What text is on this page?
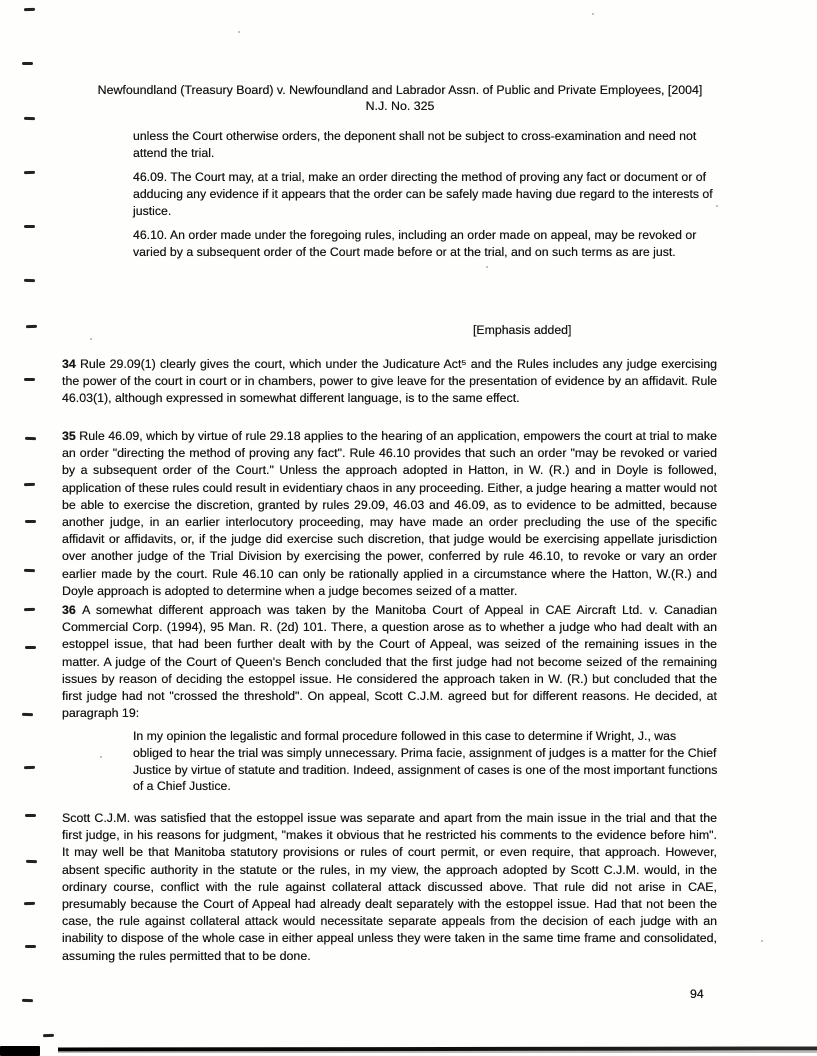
Newfoundland (Treasury Board) v. Newfoundland and Labrador Assn. of Public and Private Employees, [2004]
N.J. No. 325
unless the Court otherwise orders, the deponent shall not be subject to cross-examination and need not attend the trial.
46.09. The Court may, at a trial, make an order directing the method of proving any fact or document or of adducing any evidence if it appears that the order can be safely made having due regard to the interests of justice.
46.10. An order made under the foregoing rules, including an order made on appeal, may be revoked or varied by a subsequent order of the Court made before or at the trial, and on such terms as are just.
[Emphasis added]
34 Rule 29.09(1) clearly gives the court, which under the Judicature Act⁵ and the Rules includes any judge exercising the power of the court in court or in chambers, power to give leave for the presentation of evidence by an affidavit. Rule 46.03(1), although expressed in somewhat different language, is to the same effect.
35 Rule 46.09, which by virtue of rule 29.18 applies to the hearing of an application, empowers the court at trial to make an order "directing the method of proving any fact". Rule 46.10 provides that such an order "may be revoked or varied by a subsequent order of the Court." Unless the approach adopted in Hatton, in W. (R.) and in Doyle is followed, application of these rules could result in evidentiary chaos in any proceeding. Either, a judge hearing a matter would not be able to exercise the discretion, granted by rules 29.09, 46.03 and 46.09, as to evidence to be admitted, because another judge, in an earlier interlocutory proceeding, may have made an order precluding the use of the specific affidavit or affidavits, or, if the judge did exercise such discretion, that judge would be exercising appellate jurisdiction over another judge of the Trial Division by exercising the power, conferred by rule 46.10, to revoke or vary an order earlier made by the court. Rule 46.10 can only be rationally applied in a circumstance where the Hatton, W.(R.) and Doyle approach is adopted to determine when a judge becomes seized of a matter.
36 A somewhat different approach was taken by the Manitoba Court of Appeal in CAE Aircraft Ltd. v. Canadian Commercial Corp. (1994), 95 Man. R. (2d) 101. There, a question arose as to whether a judge who had dealt with an estoppel issue, that had been further dealt with by the Court of Appeal, was seized of the remaining issues in the matter. A judge of the Court of Queen's Bench concluded that the first judge had not become seized of the remaining issues by reason of deciding the estoppel issue. He considered the approach taken in W. (R.) but concluded that the first judge had not "crossed the threshold". On appeal, Scott C.J.M. agreed but for different reasons. He decided, at paragraph 19:
In my opinion the legalistic and formal procedure followed in this case to determine if Wright, J., was obliged to hear the trial was simply unnecessary. Prima facie, assignment of judges is a matter for the Chief Justice by virtue of statute and tradition. Indeed, assignment of cases is one of the most important functions of a Chief Justice.
Scott C.J.M. was satisfied that the estoppel issue was separate and apart from the main issue in the trial and that the first judge, in his reasons for judgment, "makes it obvious that he restricted his comments to the evidence before him". It may well be that Manitoba statutory provisions or rules of court permit, or even require, that approach. However, absent specific authority in the statute or the rules, in my view, the approach adopted by Scott C.J.M. would, in the ordinary course, conflict with the rule against collateral attack discussed above. That rule did not arise in CAE, presumably because the Court of Appeal had already dealt separately with the estoppel issue. Had that not been the case, the rule against collateral attack would necessitate separate appeals from the decision of each judge with an inability to dispose of the whole case in either appeal unless they were taken in the same time frame and consolidated, assuming the rules permitted that to be done.
94
